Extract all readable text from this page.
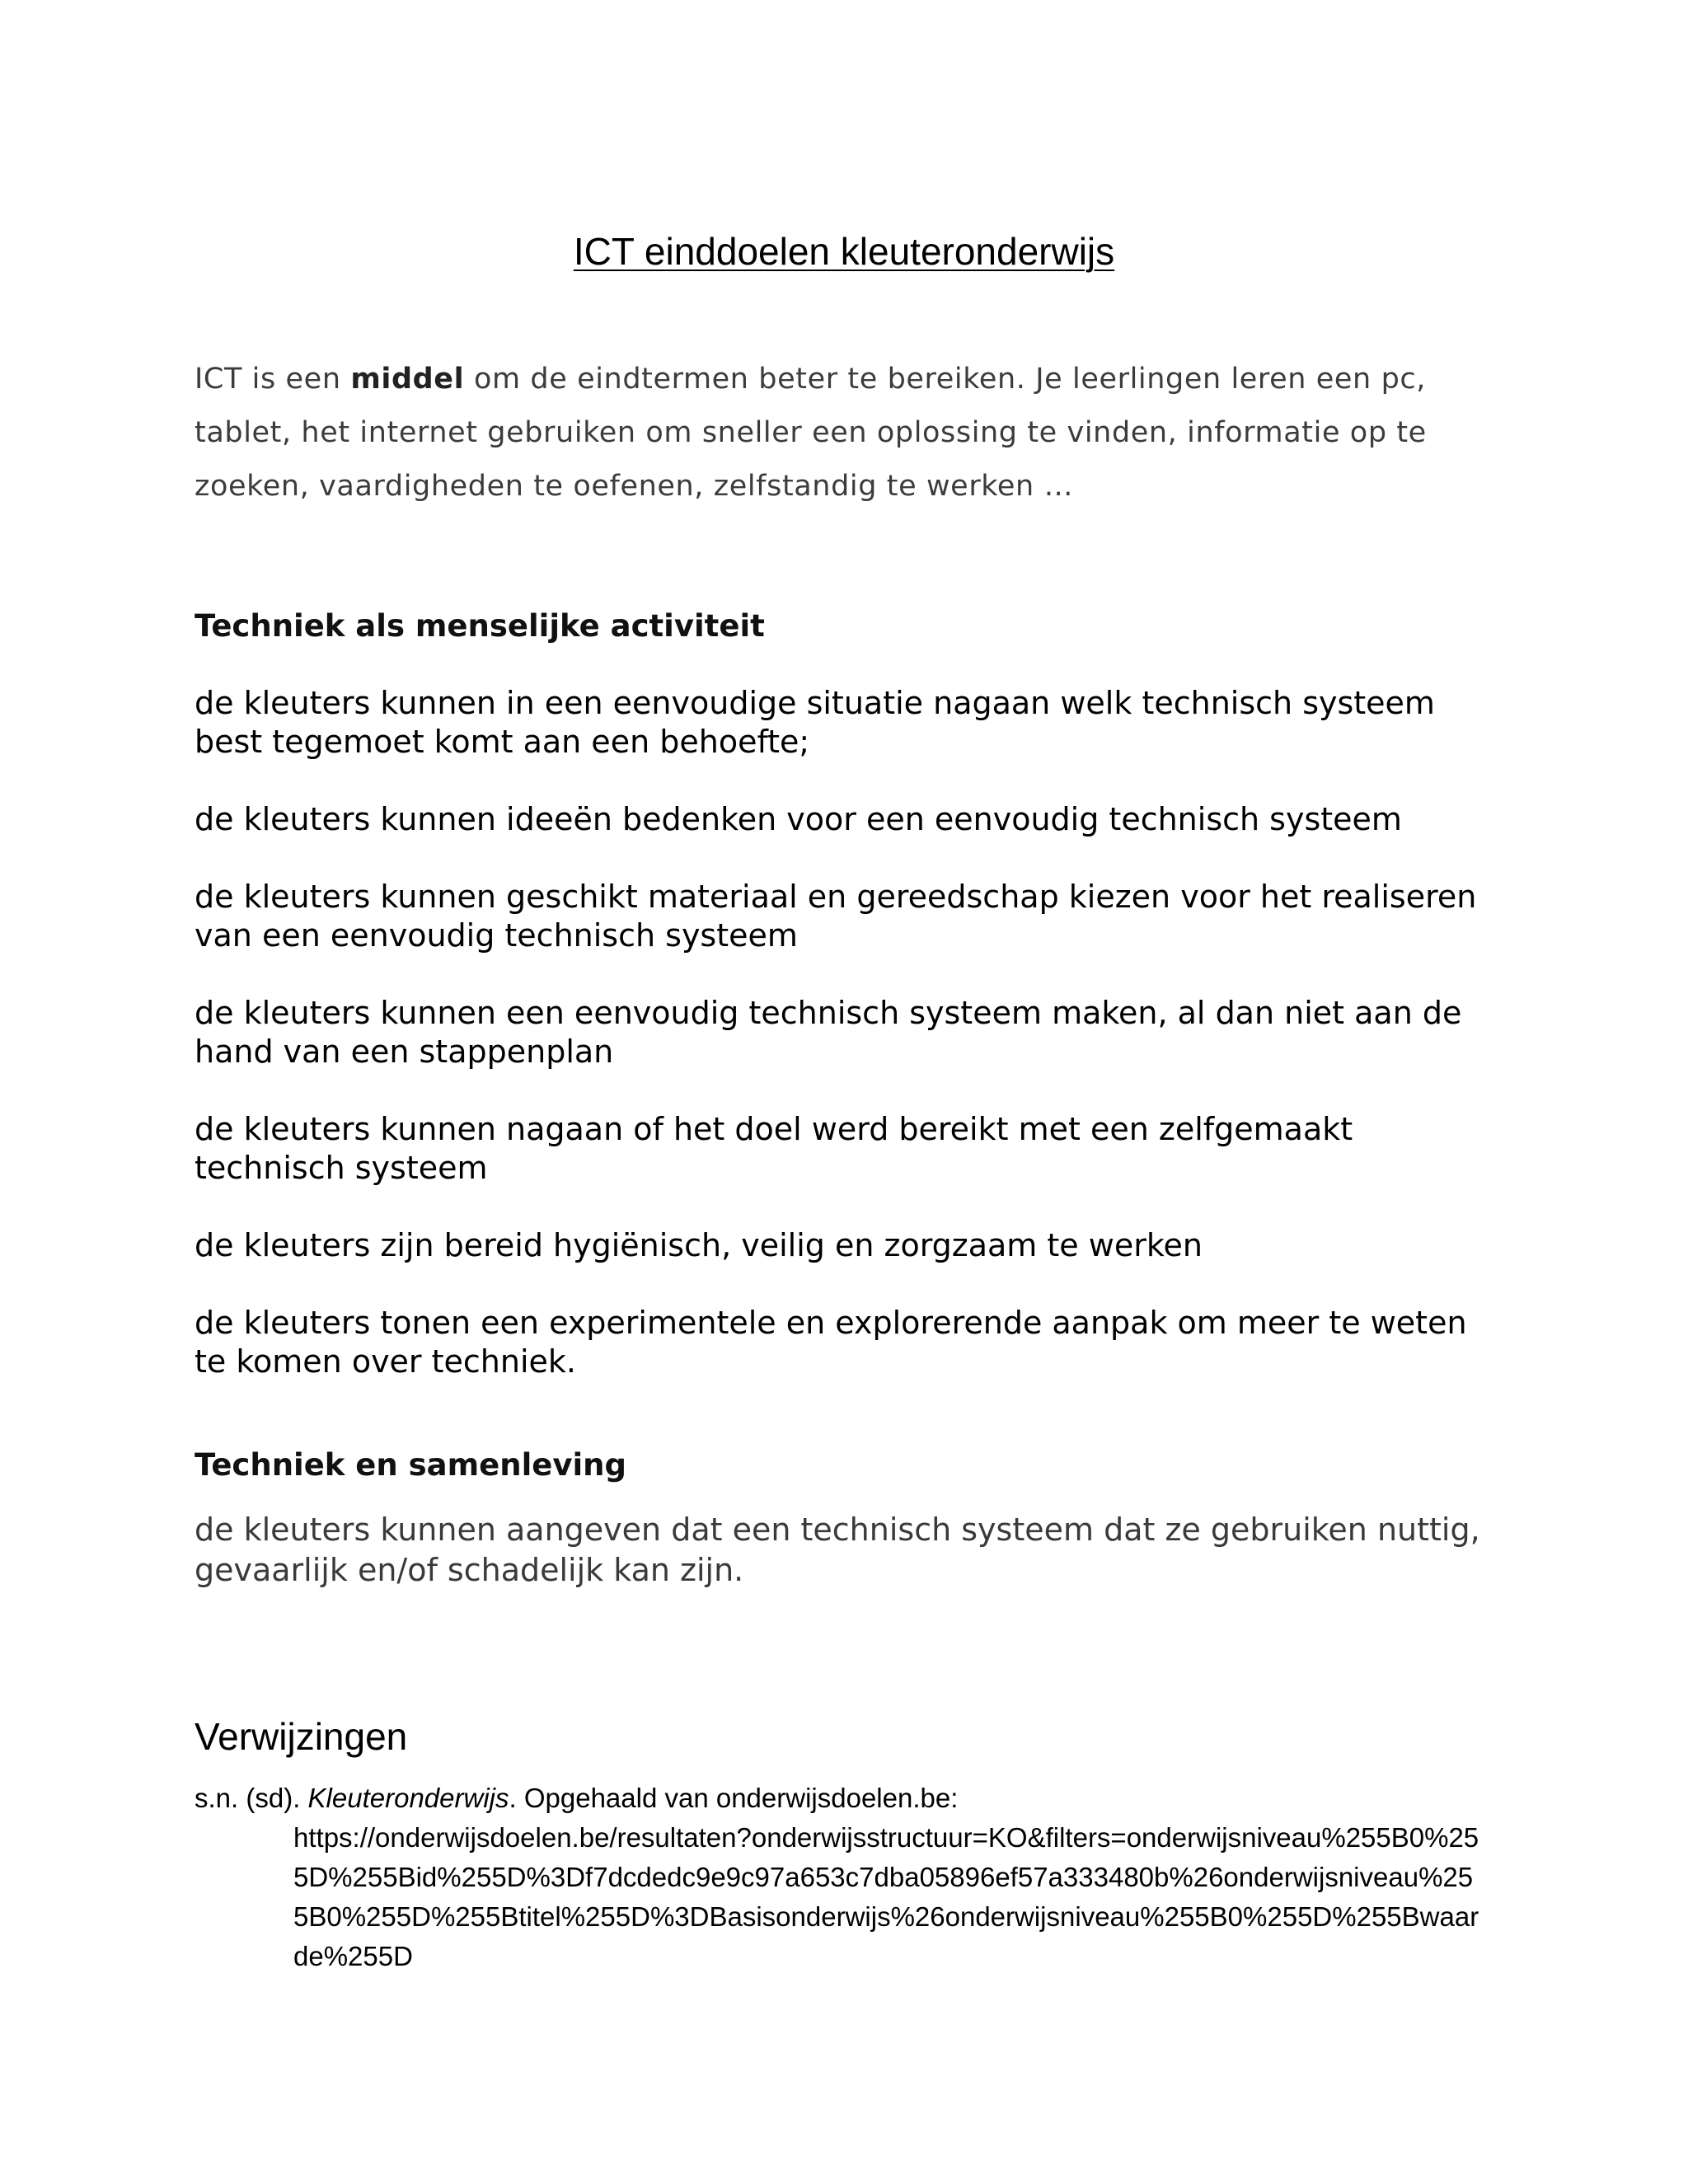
ICT einddoelen kleuteronderwijs
ICT is een middel om de eindtermen beter te bereiken. Je leerlingen leren een pc, tablet, het internet gebruiken om sneller een oplossing te vinden, informatie op te zoeken, vaardigheden te oefenen, zelfstandig te werken …
Techniek als menselijke activiteit
de kleuters kunnen in een eenvoudige situatie nagaan welk technisch systeem best tegemoet komt aan een behoefte;
de kleuters kunnen ideeën bedenken voor een eenvoudig technisch systeem
de kleuters kunnen geschikt materiaal en gereedschap kiezen voor het realiseren van een eenvoudig technisch systeem
de kleuters kunnen een eenvoudig technisch systeem maken, al dan niet aan de hand van een stappenplan
de kleuters kunnen nagaan of het doel werd bereikt met een zelfgemaakt technisch systeem
de kleuters zijn bereid hygiënisch, veilig en zorgzaam te werken
de kleuters tonen een experimentele en explorerende aanpak om meer te weten te komen over techniek.
Techniek en samenleving
de kleuters kunnen aangeven dat een technisch systeem dat ze gebruiken nuttig, gevaarlijk en/of schadelijk kan zijn.
Verwijzingen
s.n. (sd). Kleuteronderwijs. Opgehaald van onderwijsdoelen.be:
https://onderwijsdoelen.be/resultaten?onderwijsstructuur=KO&filters=onderwijsniveau%255B0%255D%255Bid%255D%3Df7dcdedc9e9c97a653c7dba05896ef57a333480b%26onderwijsniveau%255B0%255D%255Btitel%255D%3DBasisonderwijs%26onderwijsniveau%255B0%255D%255Bwaarde%255D
